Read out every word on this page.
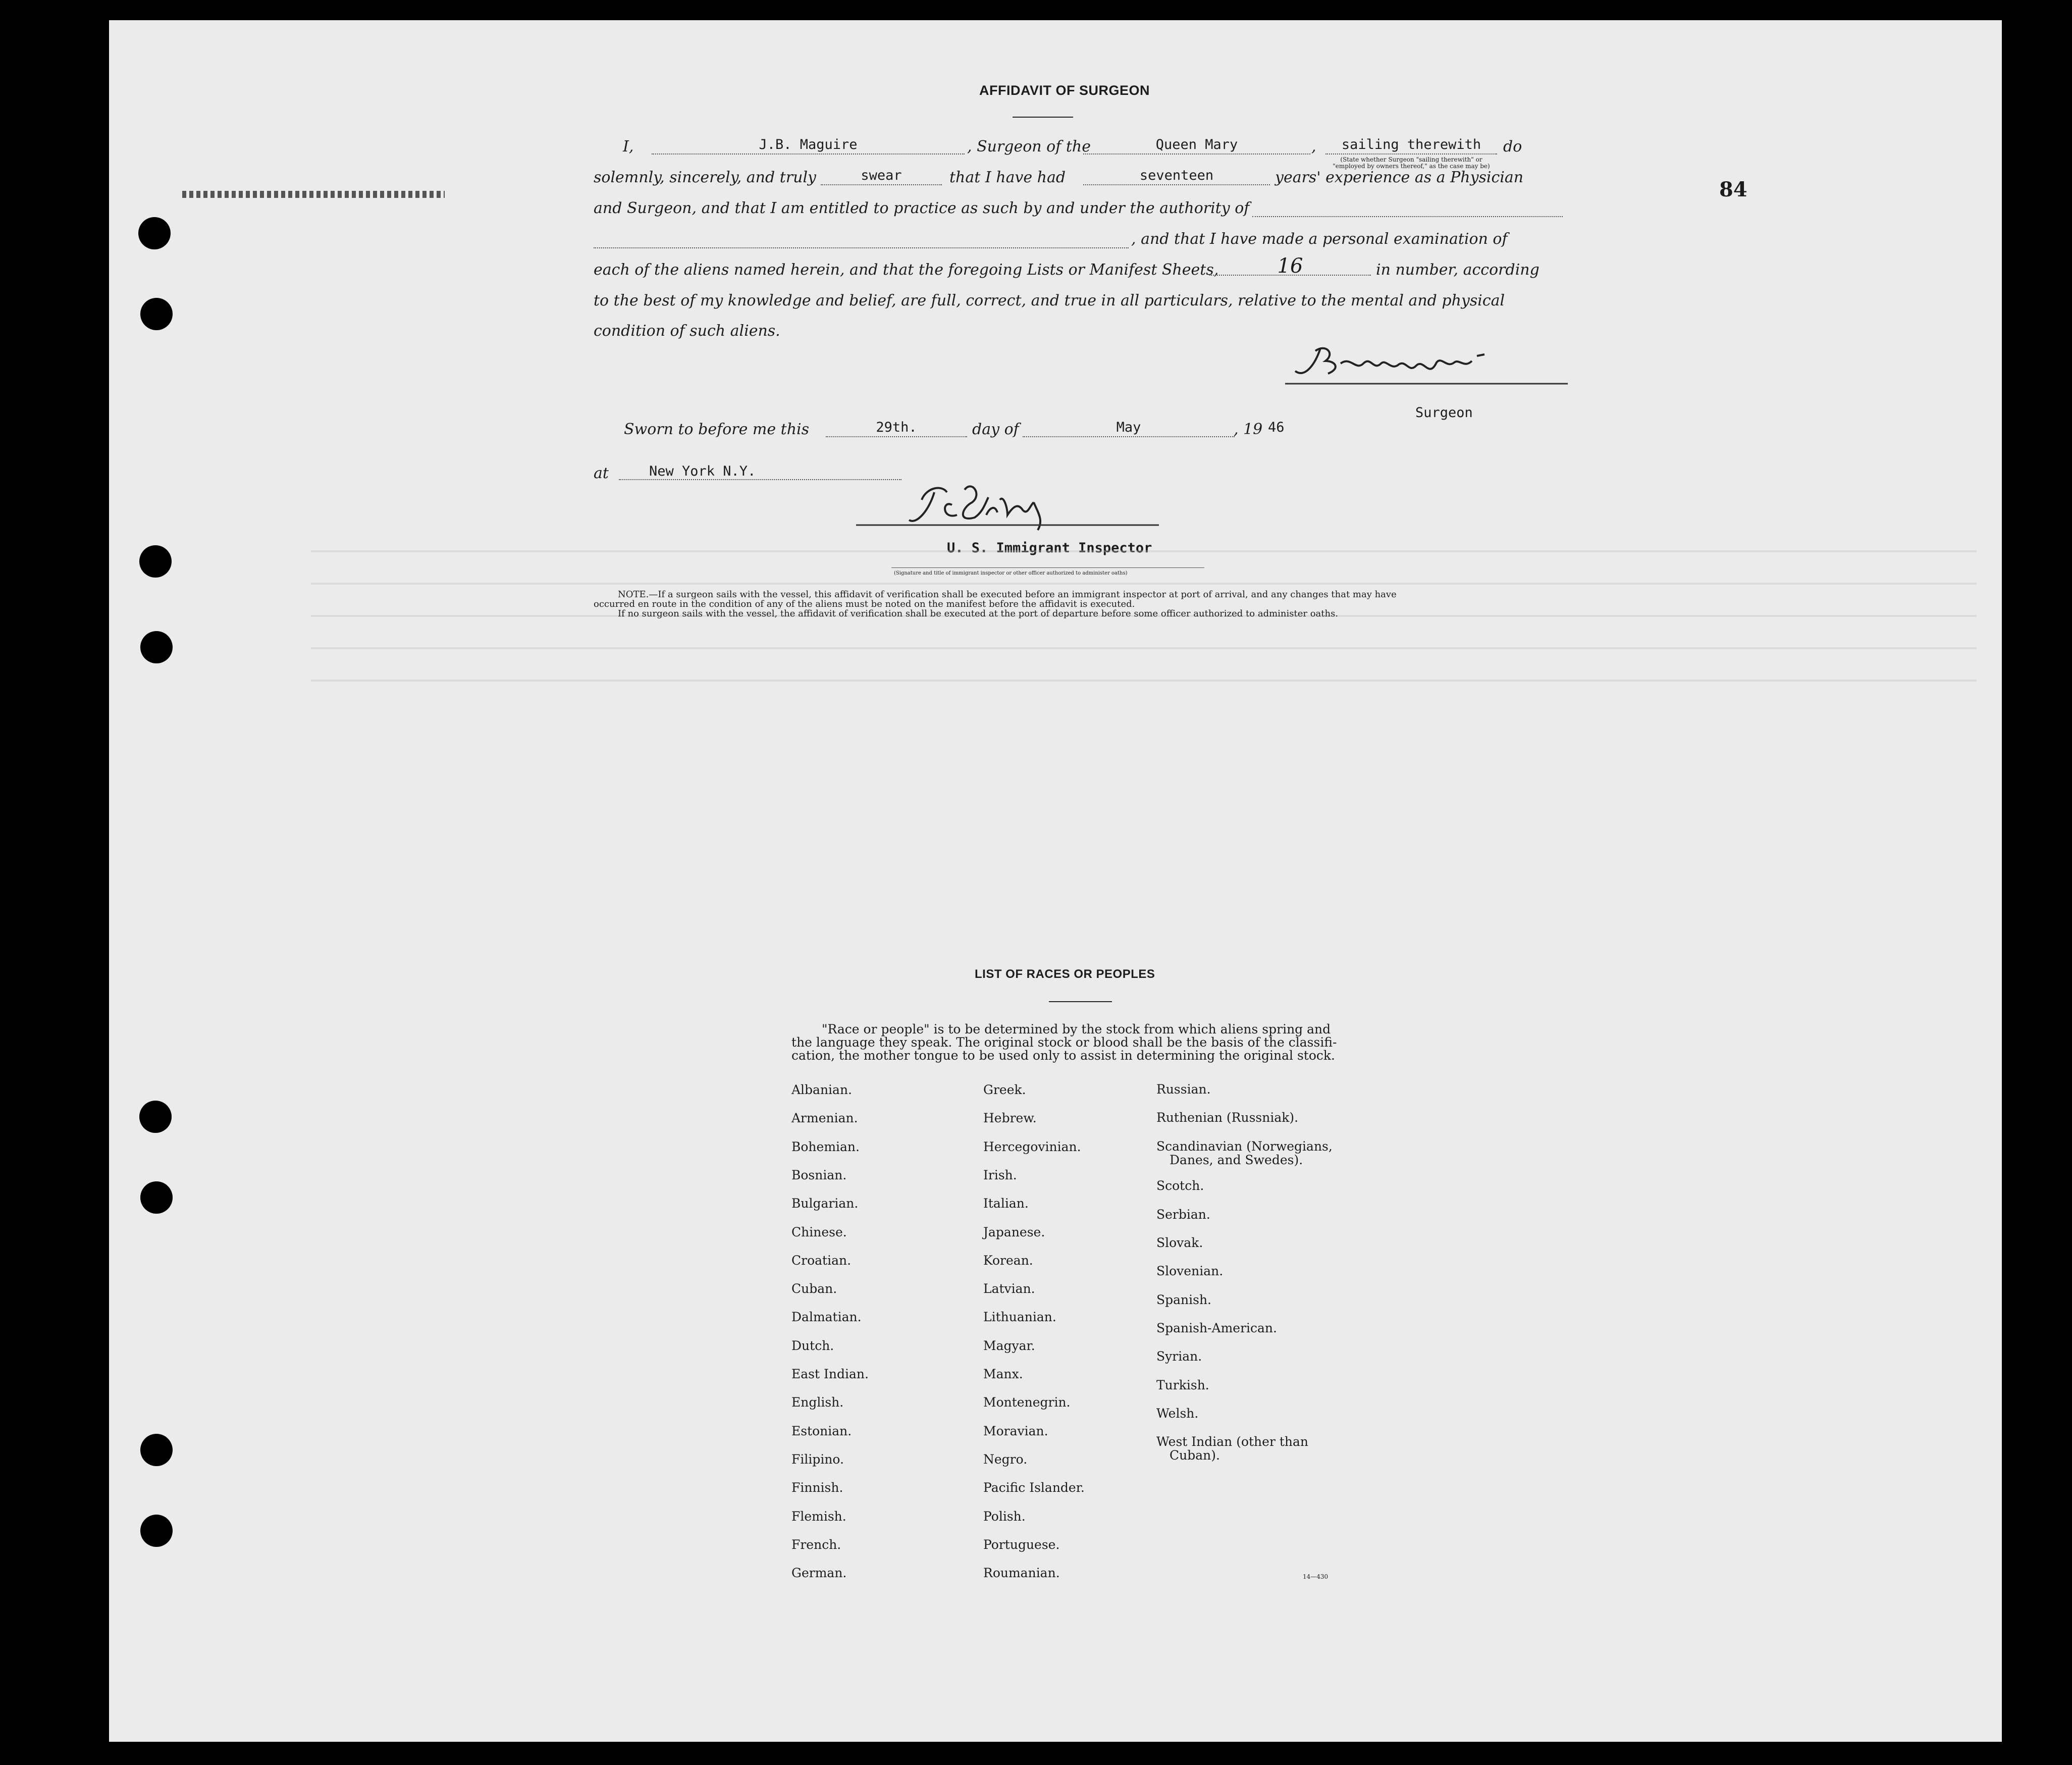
84
AFFIDAVIT OF SURGEON
I,	J.B. Maguire	, Surgeon of the	Queen Mary	,	sailing therewith	do
(State whether Surgeon "sailing therewith" or "employed by owners thereof," as the case may be)
solemnly, sincerely, and truly	swear	that I have had	seventeen	years' experience as a Physician
and Surgeon, and that I am entitled to practice as such by and under the authority of
, and that I have made a personal examination of
each of the aliens named herein, and that the foregoing Lists or Manifest Sheets,	16	in number, according
to the best of my knowledge and belief, are full, correct, and true in all particulars, relative to the mental and physical
condition of such aliens.
Surgeon
Sworn to before me this	29th.	day of	May	, 19 46
at	New York N.Y.
U. S. Immigrant Inspector
(Signature and title of immigrant inspector or other officer authorized to administer oaths)
NOTE.—If a surgeon sails with the vessel, this affidavit of verification shall be executed before an immigrant inspector at port of arrival, and any changes that may have
occurred en route in the condition of any of the aliens must be noted on the manifest before the affidavit is executed.
If no surgeon sails with the vessel, the affidavit of verification shall be executed at the port of departure before some officer authorized to administer oaths.
LIST OF RACES OR PEOPLES
"Race or people" is to be determined by the stock from which aliens spring and
the language they speak. The original stock or blood shall be the basis of the classifi-
cation, the mother tongue to be used only to assist in determining the original stock.
14—430
Albanian.
Armenian.
Bohemian.
Bosnian.
Bulgarian.
Chinese.
Croatian.
Cuban.
Dalmatian.
Dutch.
East Indian.
English.
Estonian.
Filipino.
Finnish.
Flemish.
French.
German.
Greek.
Hebrew.
Hercegovinian.
Irish.
Italian.
Japanese.
Korean.
Latvian.
Lithuanian.
Magyar.
Manx.
Montenegrin.
Moravian.
Negro.
Pacific Islander.
Polish.
Portuguese.
Roumanian.
Russian.
Ruthenian (Russniak).
Scandinavian (Norwegians,
Danes, and Swedes).
Scotch.
Serbian.
Slovak.
Slovenian.
Spanish.
Spanish-American.
Syrian.
Turkish.
Welsh.
West Indian (other than
Cuban).
